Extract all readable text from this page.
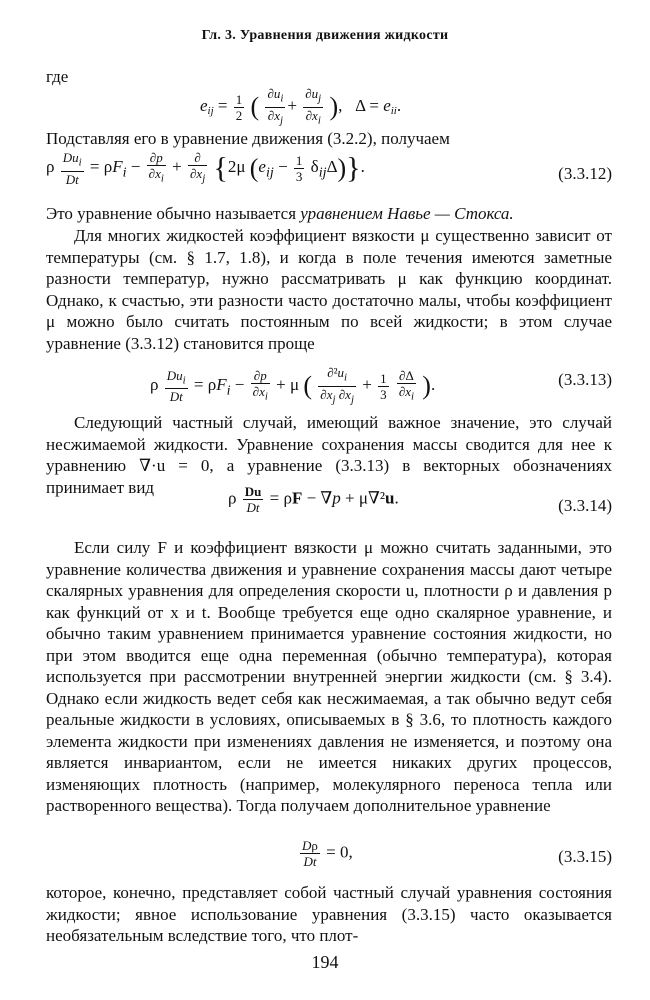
Гл. 3. Уравнения движения жидкости
где
$e_{ij} = \frac{1}{2}$ ( $\frac{\partial u_i}{\partial x_j} + \frac{\partial u_j}{\partial x_i}$ ),   $\Delta = e_{ii}$.
Подставляя его в уравнение движения (3.2.2), получаем
ρ $\frac{Du_i}{Dt} = \rho F_i - \frac{\partial p}{\partial x_i} + \frac{\partial}{\partial x_j} \{2\mu$ $(e_{ij} - \frac{1}{3} \delta_{ij}\Delta)$}.	(3.3.12)
Это уравнение обычно называется уравнением Навье — Стокса.
Для многих жидкостей коэффициент вязкости μ существенно зависит от температуры (см. § 1.7, 1.8), и когда в поле течения имеются заметные разности температур, нужно рассматривать μ как функцию координат. Однако, к счастью, эти разности часто достаточно малы, чтобы коэффициент μ можно было считать постоянным по всей жидкости; в этом случае уравнение (3.3.12) становится проще
ρ $\frac{Du_i}{Dt} = \rho F_i - \frac{\partial p}{\partial x_i} + \mu$ ( $\frac{\partial^2u_i}{\partial x_j \partial x_j} + \frac{1}{3}$
$\frac{\partial\Delta}{\partial x_i}$ ).	(3.3.13)
Следующий частный случай, имеющий важное значение, это случай несжимаемой жидкости. Уравнение сохранения массы сводится для нее к уравнению ∇·u = 0, а уравнение (3.3.13) в векторных обозначениях принимает вид
ρ $\frac{Du}{Dt} = \rho F - \nabla p + \mu\nabla^2u$.	(3.3.14)
Если силу F и коэффициент вязкости μ можно считать заданными, это уравнение количества движения и уравнение сохранения массы дают четыре скалярных уравнения для определения скорости u, плотности ρ и давления p как функций от x и t. Вообще требуется еще одно скалярное уравнение, и обычно таким уравнением принимается уравнение состояния жидкости, но при этом вводится еще одна переменная (обычно температура), которая используется при рассмотрении внутренней энергии жидкости (см. § 3.4). Однако если жидкость ведет себя как несжимаемая, а так обычно ведут себя реальные жидкости в условиях, описываемых в § 3.6, то плотность каждого элемента жидкости при изменениях давления не изменяется, и поэтому она является инвариантом, если не имеется никаких других процессов, изменяющих плотность (например, молекулярного переноса тепла или растворенного вещества). Тогда получаем дополнительное уравнение
$\frac{D\rho}{Dt} = 0$,	(3.3.15)
которое, конечно, представляет собой частный случай уравнения состояния жидкости; явное использование уравнения (3.3.15) часто оказывается необязательным вследствие того, что плот-
194
